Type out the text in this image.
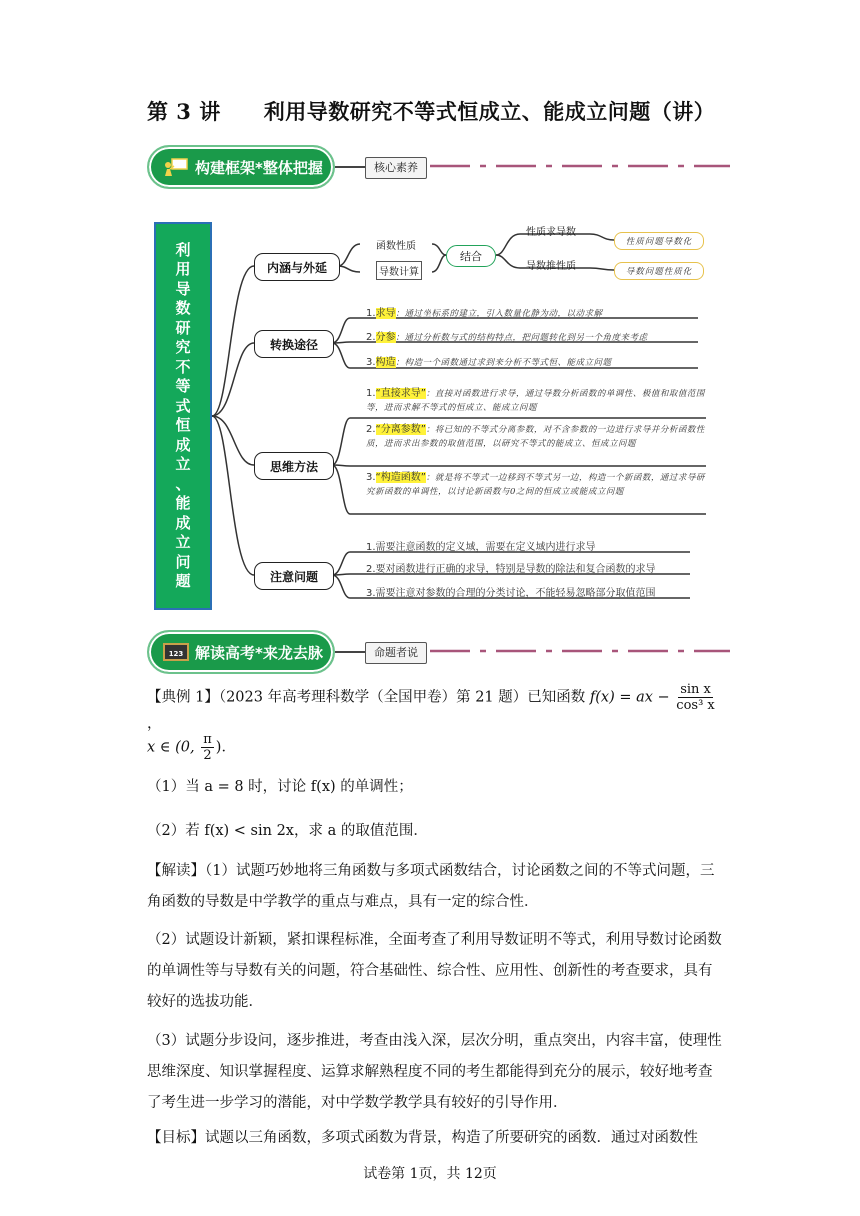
第 3 讲　　利用导数研究不等式恒成立、能成立问题（讲）
构建框架*整体把握	核心素养
利
用
导
数
研
究
不
等
式
恒
成
立
、
能
成
立
问
题
内涵与外延
函数性质
导数计算
结合
性质求导数
导数推性质
性质问题导数化
导数问题性质化
转换途径
1.求导：通过坐标系的建立，引入数量化静为动，以动求解
2.分参：通过分析数与式的结构特点，把问题转化到另一个角度来考虑
3.构造：构造一个函数通过求到来分析不等式恒、能成立问题
思维方法
1.“直接求导”：直接对函数进行求导，通过导数分析函数的单调性、极值和取值范围等，进而求解不等式的恒成立、能成立问题
2.“分离参数”：将已知的不等式分离参数，对不含参数的一边进行求导并分析函数性质，进而求出参数的取值范围，以研究不等式的能成立、恒成立问题
3.“构造函数”：就是将不等式一边移到不等式另一边，构造一个新函数，通过求导研究新函数的单调性，以讨论新函数与0之间的恒成立或能成立问题
注意问题
1.需要注意函数的定义域，需要在定义域内进行求导
2.要对函数进行正确的求导，特别是导数的除法和复合函数的求导
3.需要注意对参数的合理的分类讨论，不能轻易忽略部分取值范围
123 解读高考*来龙去脉	命题者说
【典例 1】（2023 年高考理科数学（全国甲卷）第 21 题）已知函数 f(x) = ax − $\frac{\text{sin x}}{\text{cos³ x}}$
，
x ∈ (0, $\frac{\pi}{2}$ )．
（1）当 a = 8 时，讨论 f(x) 的单调性；
（2）若 f(x) < sin 2x，求 a 的取值范围．
【解读】（1）试题巧妙地将三角函数与多项式函数结合，讨论函数之间的不等式问题，三角函数的导数是中学教学的重点与难点，具有一定的综合性．
（2）试题设计新颖，紧扣课程标准，全面考查了利用导数证明不等式，利用导数讨论函数的单调性等与导数有关的问题，符合基础性、综合性、应用性、创新性的考查要求，具有较好的选拔功能．
（3）试题分步设问，逐步推进，考查由浅入深，层次分明，重点突出，内容丰富，使理性思维深度、知识掌握程度、运算求解熟程度不同的考生都能得到充分的展示，较好地考查了考生进一步学习的潜能，对中学数学教学具有较好的引导作用．
【目标】试题以三角函数，多项式函数为背景，构造了所要研究的函数．通过对函数性
试卷第 1页，共 12页
